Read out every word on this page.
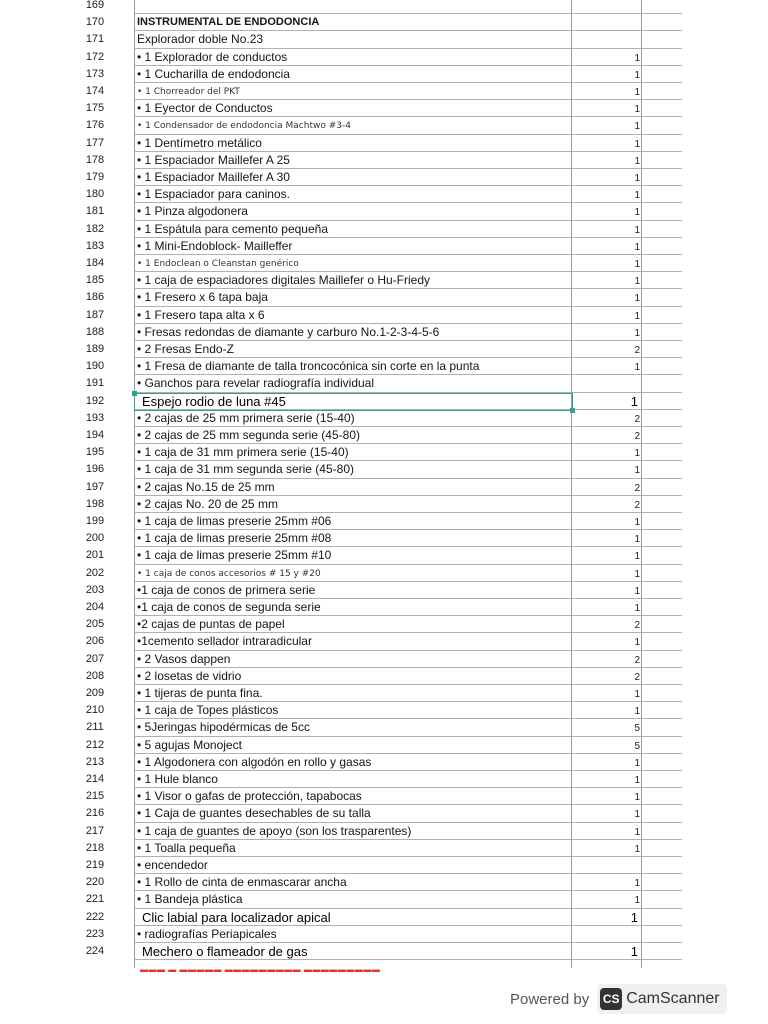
169
170	INSTRUMENTAL DE ENDODONCIA
171	Explorador doble No.23
172	• 1 Explorador de conductos	1
173	• 1 Cucharilla de endodoncia	1
174	• 1 Chorreador del PKT	1
175	• 1 Eyector de Conductos	1
176	• 1 Condensador de endodoncia Machtwo #3-4	1
177	• 1 Dentímetro metálico	1
178	• 1 Espaciador Maillefer A 25	1
179	• 1 Espaciador Maillefer A 30	1
180	• 1 Espaciador para caninos.	1
181	• 1 Pinza algodonera	1
182	• 1 Espátula para cemento pequeña	1
183	• 1 Mini-Endoblock- Mailleffer	1
184	• 1 Endoclean o Cleanstan genérico	1
185	• 1 caja de espaciadores digitales Maillefer o Hu-Friedy	1
186	• 1 Fresero x 6 tapa baja	1
187	• 1 Fresero tapa alta x 6	1
188	• Fresas redondas de diamante y carburo No.1-2-3-4-5-6	1
189	• 2 Fresas Endo-Z	2
190	• 1 Fresa de diamante de talla troncocónica sin corte en la punta	1
191	• Ganchos para revelar radiografía individual
192	Espejo rodio de luna #45	1
193	• 2 cajas de 25 mm primera serie (15-40)	2
194	• 2 cajas de 25 mm segunda serie (45-80)	2
195	• 1 caja de 31 mm primera serie (15-40)	1
196	• 1 caja de 31 mm segunda serie (45-80)	1
197	• 2 cajas No.15 de 25 mm	2
198	• 2 cajas No. 20 de 25 mm	2
199	• 1 caja de limas preserie 25mm #06	1
200	• 1 caja de limas preserie 25mm #08	1
201	• 1 caja de limas preserie 25mm #10	1
202	• 1 caja de conos accesorios # 15 y #20	1
203	•1 caja de conos de primera serie	1
204	•1 caja de conos de segunda serie	1
205	•2 cajas de puntas de papel	2
206	•1cemento sellador intraradicular	1
207	• 2 Vasos dappen	2
208	• 2 losetas de vidrio	2
209	• 1 tijeras de punta fina.	1
210	• 1 caja de Topes plásticos	1
211	• 5Jeringas hipodérmicas de 5cc	5
212	• 5 agujas Monoject	5
213	• 1 Algodonera con algodón en rollo y gasas	1
214	• 1 Hule blanco	1
215	• 1 Visor o gafas de protección, tapabocas	1
216	• 1 Caja de guantes desechables de su talla	1
217	• 1 caja de guantes de apoyo (son los trasparentes)	1
218	• 1 Toalla pequeña	1
219	• encendedor
220	• 1 Rollo de cinta de enmascarar ancha	1
221	• 1 Bandeja plástica	1
222	Clic labial para localizador apical	1
223	• radiografías Periapicales
224	Mechero o flameador de gas	1
▬▬▬ ▬ ▬▬▬▬▬ ▬▬▬▬▬▬▬▬▬ ▬▬▬▬▬▬▬▬▬
Powered by CS CamScanner
